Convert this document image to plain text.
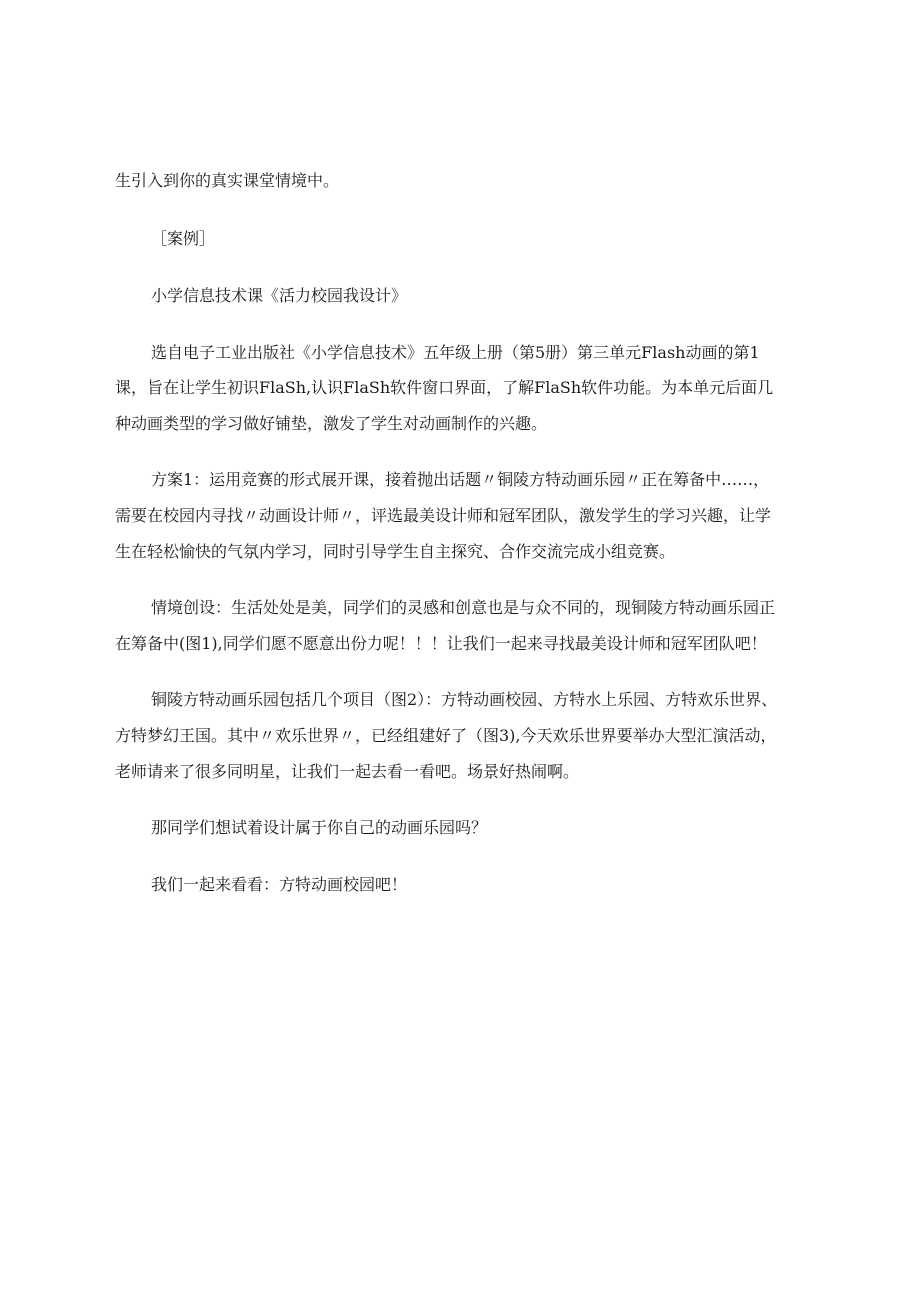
生引入到你的真实课堂情境中。
［案例］
小学信息技术课《活力校园我设计》
选自电子工业出版社《小学信息技术》五年级上册（第5册）第三单元Flash动画的第1
课，旨在让学生初识FlaSh,认识FlaSh软件窗口界面，了解FlaSh软件功能。为本单元后面几
种动画类型的学习做好铺垫，激发了学生对动画制作的兴趣。
方案1：运用竞赛的形式展开课，接着抛出话题〃铜陵方特动画乐园〃正在筹备中……，
需要在校园内寻找〃动画设计师〃，评选最美设计师和冠军团队，激发学生的学习兴趣，让学
生在轻松愉快的气氛内学习，同时引导学生自主探究、合作交流完成小组竞赛。
情境创设：生活处处是美，同学们的灵感和创意也是与众不同的，现铜陵方特动画乐园正
在筹备中(图1),同学们愿不愿意出份力呢！！！让我们一起来寻找最美设计师和冠军团队吧！
铜陵方特动画乐园包括几个项目（图2）：方特动画校园、方特水上乐园、方特欢乐世界、
方特梦幻王国。其中〃欢乐世界〃，已经组建好了（图3),今天欢乐世界要举办大型汇演活动，
老师请来了很多同明星，让我们一起去看一看吧。场景好热闹啊。
那同学们想试着设计属于你自己的动画乐园吗？
我们一起来看看：方特动画校园吧！
